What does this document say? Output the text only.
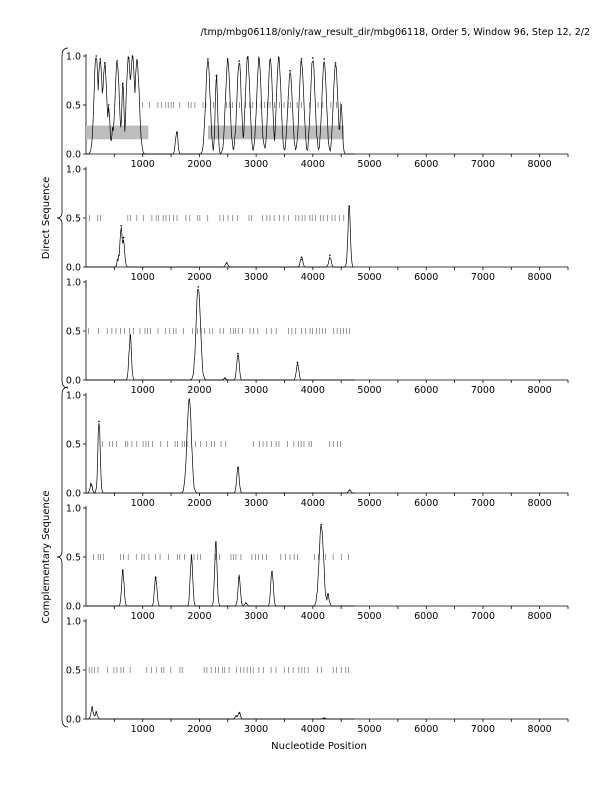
/tmp/mbg06118/only/raw_result_dir/mbg06118, Order 5, Window 96, Step 12, 2/2
0.0
0.5
1.0
1000	2000	3000	4000	5000	6000	7000	8000
0.0
0.5
1.0
1000	2000	3000	4000	5000	6000	7000	8000
0.0
0.5
1.0
1000	2000	3000	4000	5000	6000	7000	8000
0.0
0.5
1.0
1000	2000	3000	4000	5000	6000	7000	8000
0.0
0.5
1.0
1000	2000	3000	4000	5000	6000	7000	8000
0.0
0.5
1.0
1000	2000	3000	4000	5000	6000	7000	8000
Direct Sequence
Complementary Sequence
Nucleotide Position
